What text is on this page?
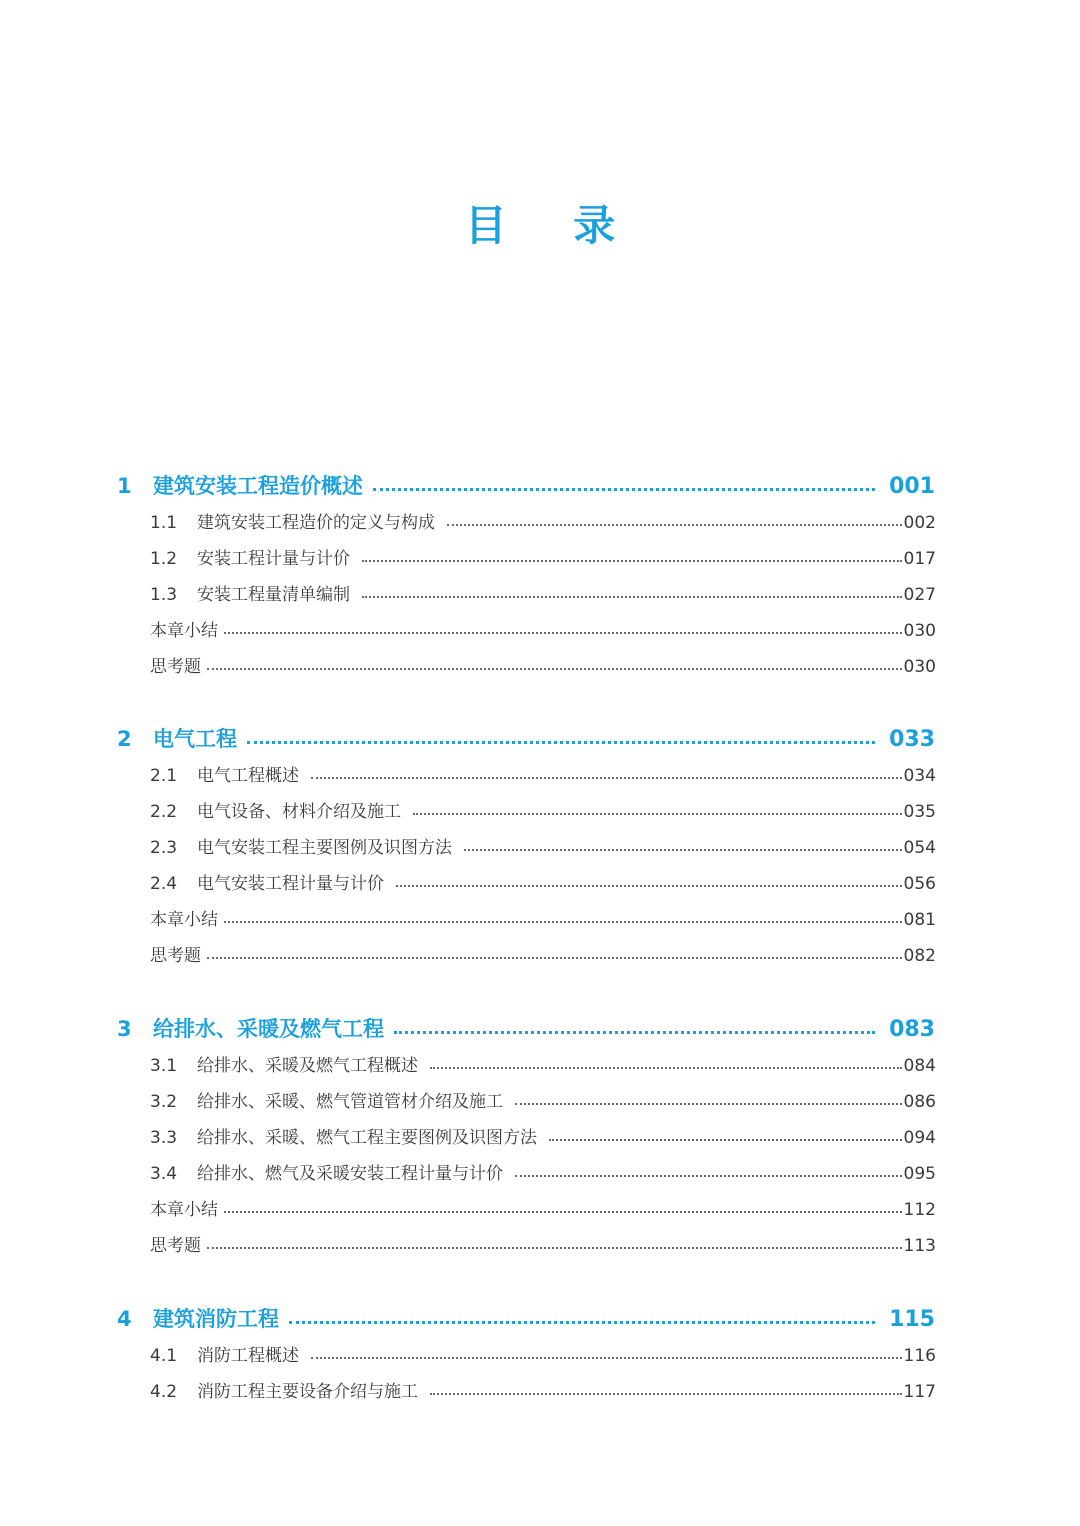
目 录
1	建筑安装工程造价概述	001
1.1	建筑安装工程造价的定义与构成	002
1.2	安装工程计量与计价	017
1.3	安装工程量清单编制	027
本章小结	030
思考题	030
2	电气工程	033
2.1	电气工程概述	034
2.2	电气设备、材料介绍及施工	035
2.3	电气安装工程主要图例及识图方法	054
2.4	电气安装工程计量与计价	056
本章小结	081
思考题	082
3	给排水、采暖及燃气工程	083
3.1	给排水、采暖及燃气工程概述	084
3.2	给排水、采暖、燃气管道管材介绍及施工	086
3.3	给排水、采暖、燃气工程主要图例及识图方法	094
3.4	给排水、燃气及采暖安装工程计量与计价	095
本章小结	112
思考题	113
4	建筑消防工程	115
4.1	消防工程概述	116
4.2	消防工程主要设备介绍与施工	117
